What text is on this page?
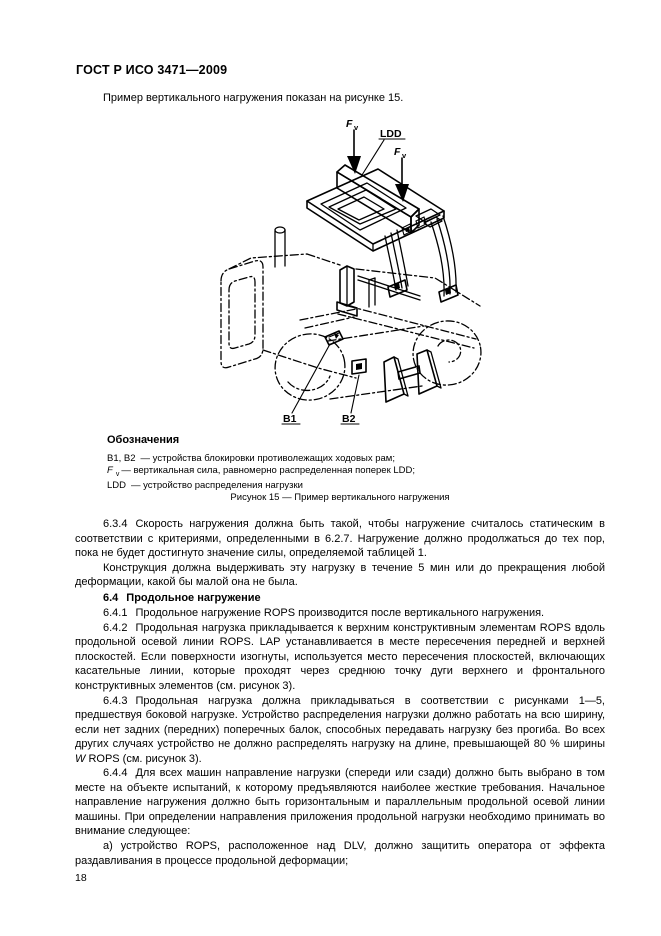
ГОСТ Р ИСО 3471—2009
Пример вертикального нагружения показан на рисунке 15.
F v
F v
LDD
B1	B2
Обозначения
B1, B2 — устройства блокировки противолежащих ходовых рам;
F $_v$ — вертикальная сила, равномерно распределенная поперек LDD;
LDD — устройство распределения нагрузки
Рисунок 15 — Пример вертикального нагружения

6.3.4 Скорость нагружения должна быть такой, чтобы нагружение считалось статическим в соответствии с критериями, определенными в 6.2.7. Нагружение должно продолжаться до тех пор, пока не будет достигнуто значение силы, определяемой таблицей 1.

Конструкция должна выдерживать эту нагрузку в течение 5 мин или до прекращения любой деформации, какой бы малой она не была.

6.4 Продольное нагружение

6.4.1 Продольное нагружение ROPS производится после вертикального нагружения.

6.4.2 Продольная нагрузка прикладывается к верхним конструктивным элементам ROPS вдоль продольной осевой линии ROPS. LAP устанавливается в месте пересечения передней и верхней плоскостей. Если поверхности изогнуты, используется место пересечения плоскостей, включающих касательные линии, которые проходят через среднюю точку дуги верхнего и фронтального конструктивных элементов (см. рисунок 3).

6.4.3 Продольная нагрузка должна прикладываться в соответствии с рисунками 1—5, предшествуя боковой нагрузке. Устройство распределения нагрузки должно работать на всю ширину, если нет задних (передних) поперечных балок, способных передавать нагрузку без прогиба. Во всех других случаях устройство не должно распределять нагрузку на длине, превышающей 80 % ширины W ROPS (см. рисунок 3).

6.4.4 Для всех машин направление нагрузки (спереди или сзади) должно быть выбрано в том месте на объекте испытаний, к которому предъявляются наиболее жесткие требования. Начальное направление нагружения должно быть горизонтальным и параллельным продольной осевой линии машины. При определении направления приложения продольной нагрузки необходимо принимать во внимание следующее:

а) устройство ROPS, расположенное над DLV, должно защитить оператора от эффекта раздавливания в процессе продольной деформации;

18
